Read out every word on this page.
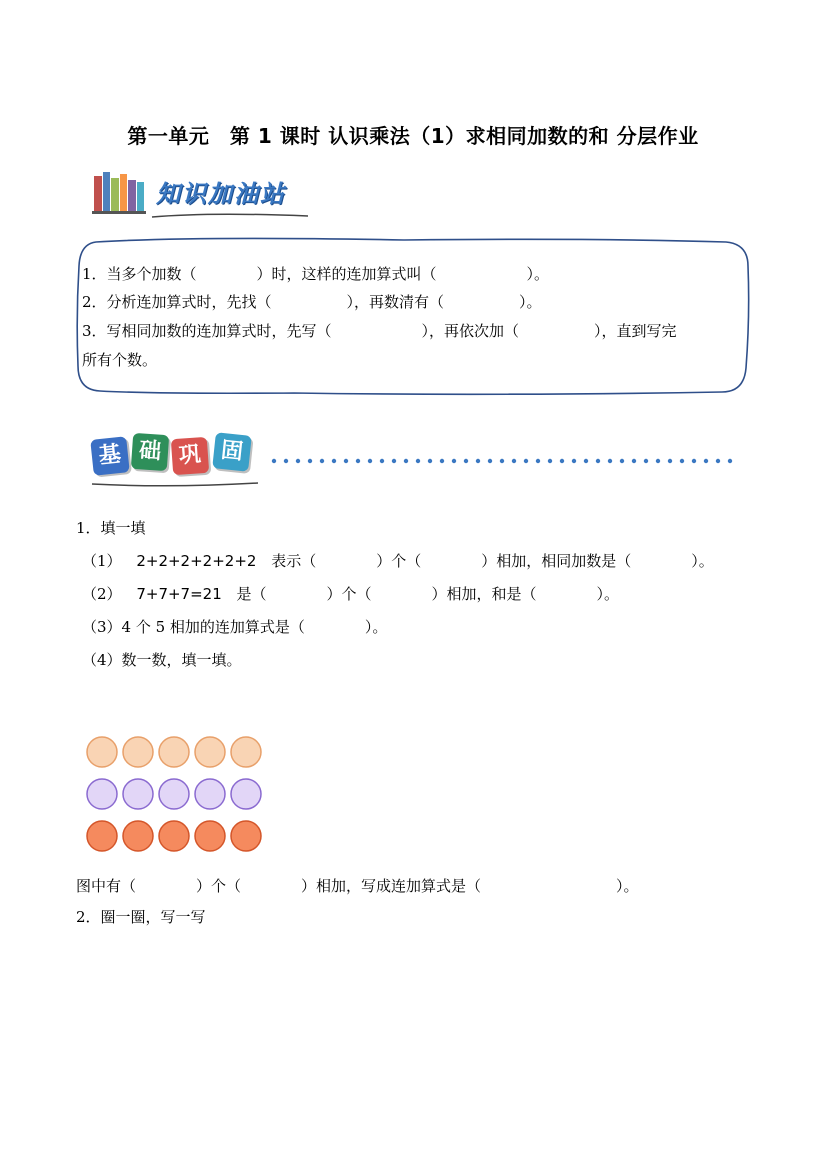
第一单元　第 1 课时 认识乘法（1）求相同加数的和 分层作业
知识加油站
1．当多个加数（　　　　）时，这样的连加算式叫（　　　　　　）。
2．分析连加算式时，先找（　　　　　），再数清有（　　　　　）。
3．写相同加数的连加算式时，先写（　　　　　　），再依次加（　　　　　），直到写完
所有个数。
基 础 巩 固
1．填一填
（1） 2+2+2+2+2+2 表示（　　　　）个（　　　　）相加，相同加数是（　　　　）。
（2） 7+7+7=21 是（　　　　）个（　　　　）相加，和是（　　　　）。
（3）4 个 5 相加的连加算式是（　　　　）。
（4）数一数，填一填。
图中有（　　　　）个（　　　　）相加，写成连加算式是（　　　　　　　　　）。
2．圈一圈，写一写
